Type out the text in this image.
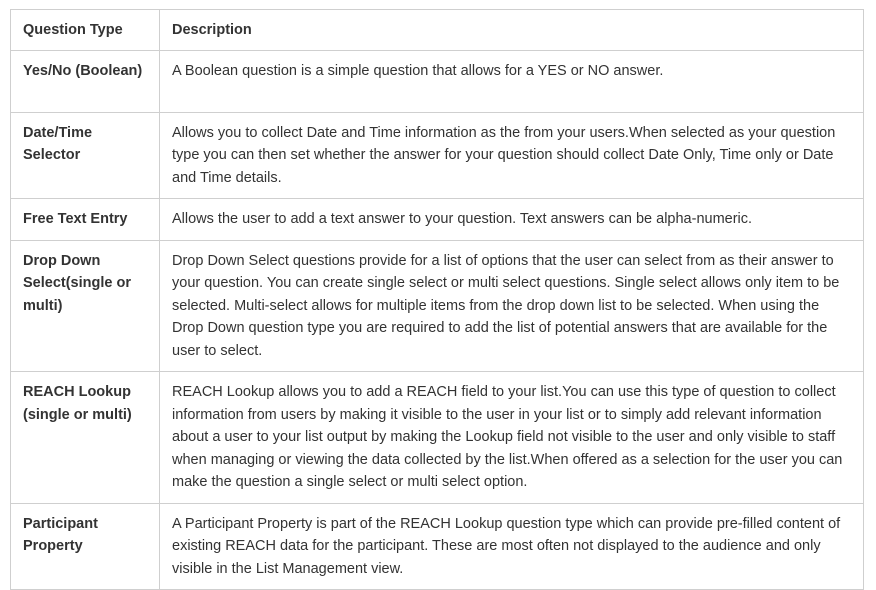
Question Type	Description
Yes/No (Boolean)	A Boolean question is a simple question that allows for a YES or NO answer.
Date/Time Selector	Allows you to collect Date and Time information as the from your users.When selected as your question type you can then set whether the answer for your question should collect Date Only, Time only or Date and Time details.
Free Text Entry	Allows the user to add a text answer to your question. Text answers can be alpha-numeric.
Drop Down Select(single or multi)	Drop Down Select questions provide for a list of options that the user can select from as their answer to your question. You can create single select or multi select questions. Single select allows only item to be selected. Multi-select allows for multiple items from the drop down list to be selected. When using the Drop Down question type you are required to add the list of potential answers that are available for the user to select.
REACH Lookup (single or multi)	REACH Lookup allows you to add a REACH field to your list.You can use this type of question to collect information from users by making it visible to the user in your list or to simply add relevant information about a user to your list output by making the Lookup field not visible to the user and only visible to staff when managing or viewing the data collected by the list.When offered as a selection for the user you can make the question a single select or multi select option.
Participant Property	A Participant Property is part of the REACH Lookup question type which can provide pre-filled content of existing REACH data for the participant. These are most often not displayed to the audience and only visible in the List Management view.
